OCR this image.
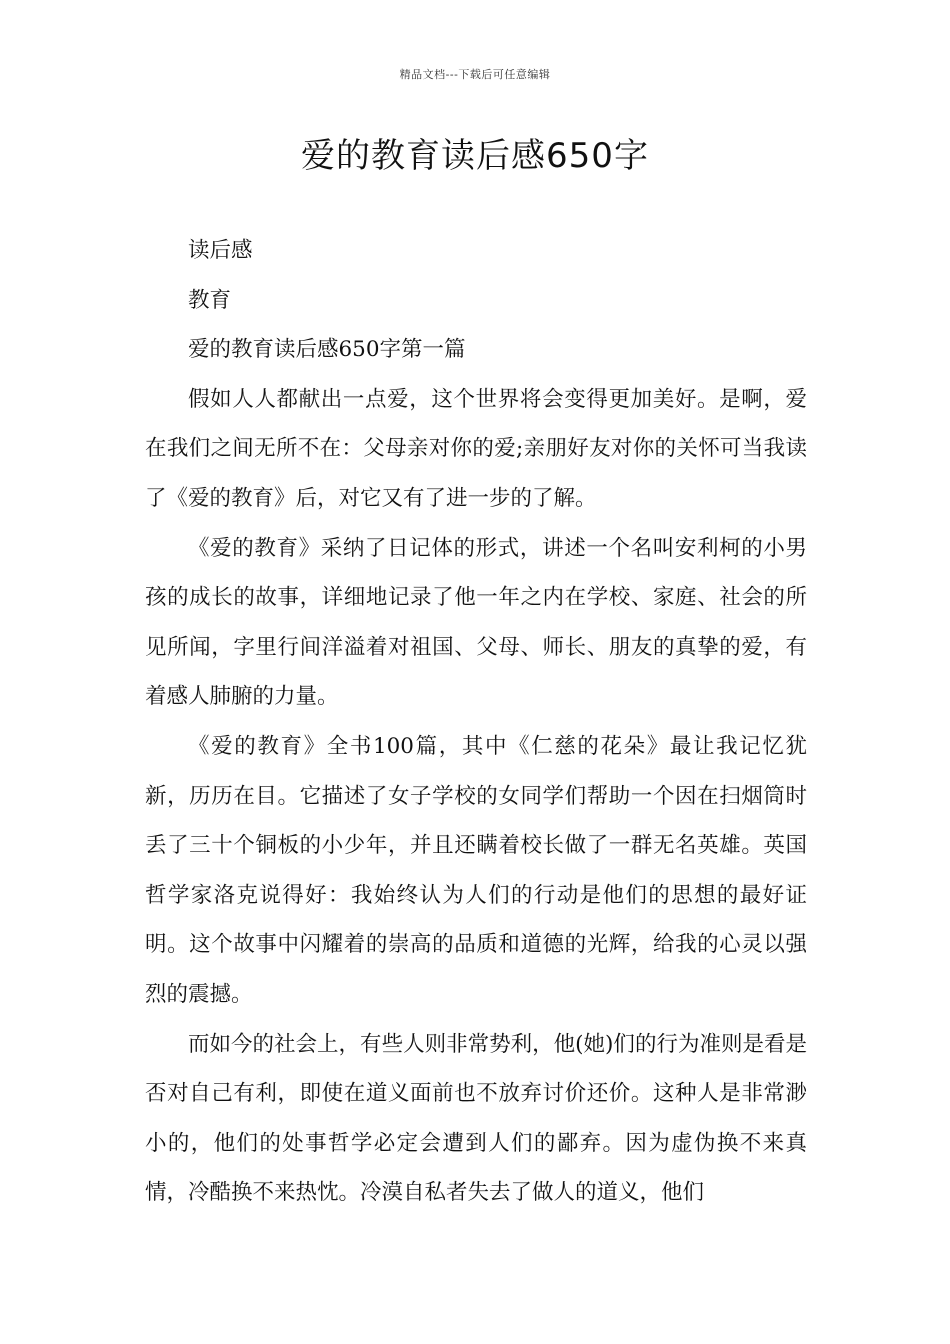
精品文档---下载后可任意编辑
爱的教育读后感650字

读后感

教育

爱的教育读后感650字第一篇

假如人人都献出一点爱，这个世界将会变得更加美好。是啊，爱在我们之间无所不在：父母亲对你的爱;亲朋好友对你的关怀可当我读了《爱的教育》后，对它又有了进一步的了解。

《爱的教育》采纳了日记体的形式，讲述一个名叫安利柯的小男孩的成长的故事，详细地记录了他一年之内在学校、家庭、社会的所见所闻，字里行间洋溢着对祖国、父母、师长、朋友的真挚的爱，有着感人肺腑的力量。

《爱的教育》全书100篇，其中《仁慈的花朵》最让我记忆犹新，历历在目。它描述了女子学校的女同学们帮助一个因在扫烟筒时丢了三十个铜板的小少年，并且还瞒着校长做了一群无名英雄。英国哲学家洛克说得好：我始终认为人们的行动是他们的思想的最好证明。这个故事中闪耀着的崇高的品质和道德的光辉，给我的心灵以强烈的震撼。

而如今的社会上，有些人则非常势利，他(她)们的行为准则是看是否对自己有利，即使在道义面前也不放弃讨价还价。这种人是非常渺小的，他们的处事哲学必定会遭到人们的鄙弃。因为虚伪换不来真情，冷酷换不来热忱。冷漠自私者失去了做人的道义，他们
